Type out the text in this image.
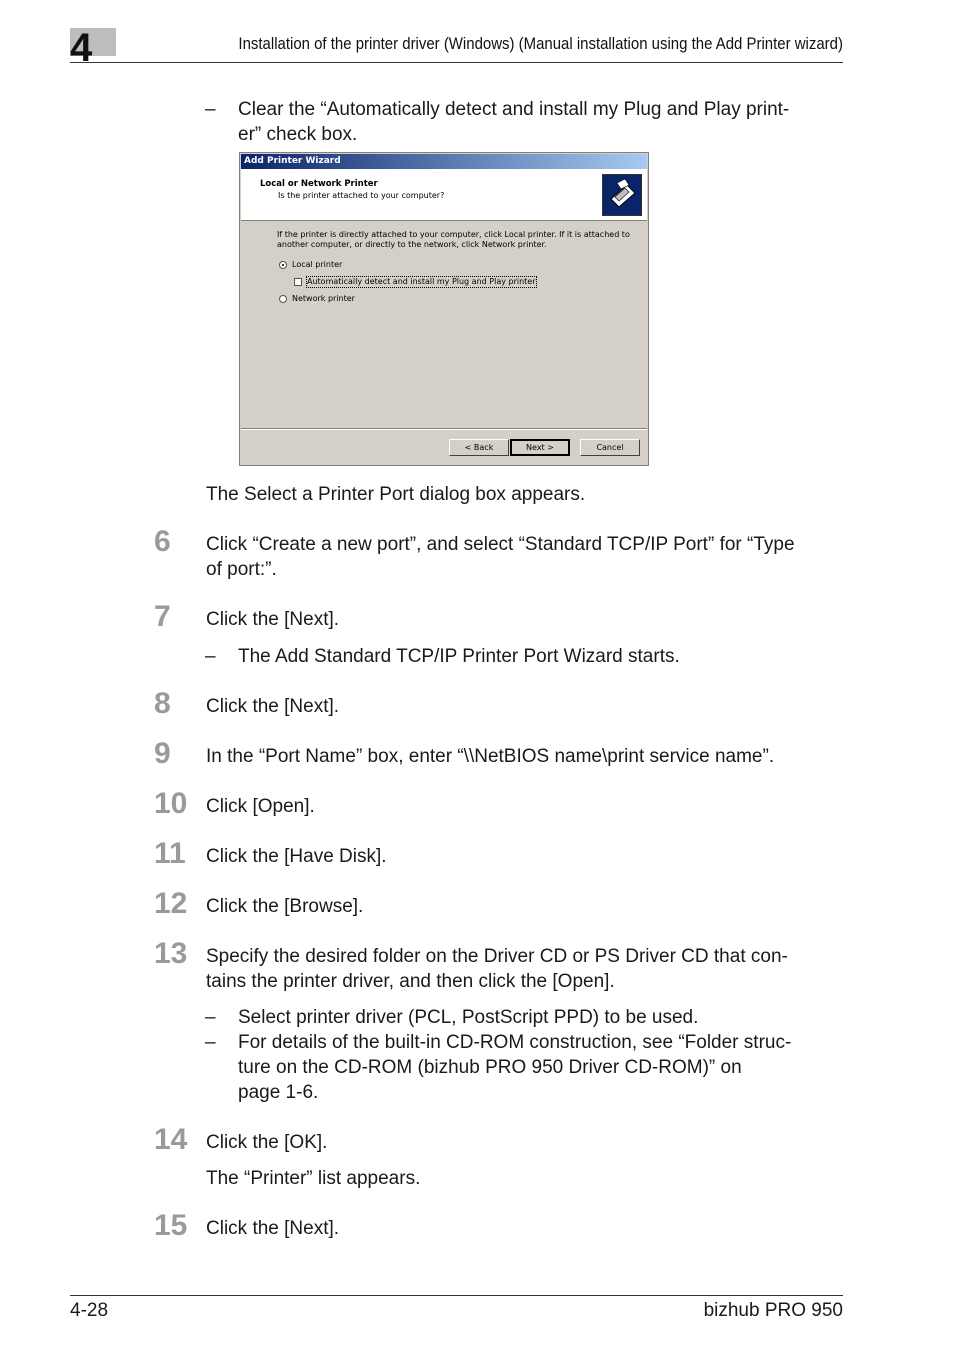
4	Installation of the printer driver (Windows) (Manual installation using the Add Printer wizard)
– Clear the “Automatically detect and install my Plug and Play print-
er” check box.
Add Printer Wizard
Local or Network Printer
Is the printer attached to your computer?
If the printer is directly attached to your computer, click Local printer. If it is attached to
another computer, or directly to the network, click Network printer.
Local printer
Automatically detect and install my Plug and Play printer
Network printer
< Back	Next >	Cancel
The Select a Printer Port dialog box appears.
6	Click “Create a new port”, and select “Standard TCP/IP Port” for “Type
of port:”.
7	Click the [Next].
– The Add Standard TCP/IP Printer Port Wizard starts.
8	Click the [Next].
9	In the “Port Name” box, enter “\\NetBIOS name\print service name”.
10 Click [Open].
11	Click the [Have Disk].
12 Click the [Browse].
13 Specify the desired folder on the Driver CD or PS Driver CD that con-
tains the printer driver, and then click the [Open].
– Select printer driver (PCL, PostScript PPD) to be used.
– For details of the built-in CD-ROM construction, see “Folder struc-
ture on the CD-ROM (bizhub PRO 950 Driver CD-ROM)” on
page 1-6.
14 Click the [OK].
The “Printer” list appears.
15 Click the [Next].
4-28	bizhub PRO 950
